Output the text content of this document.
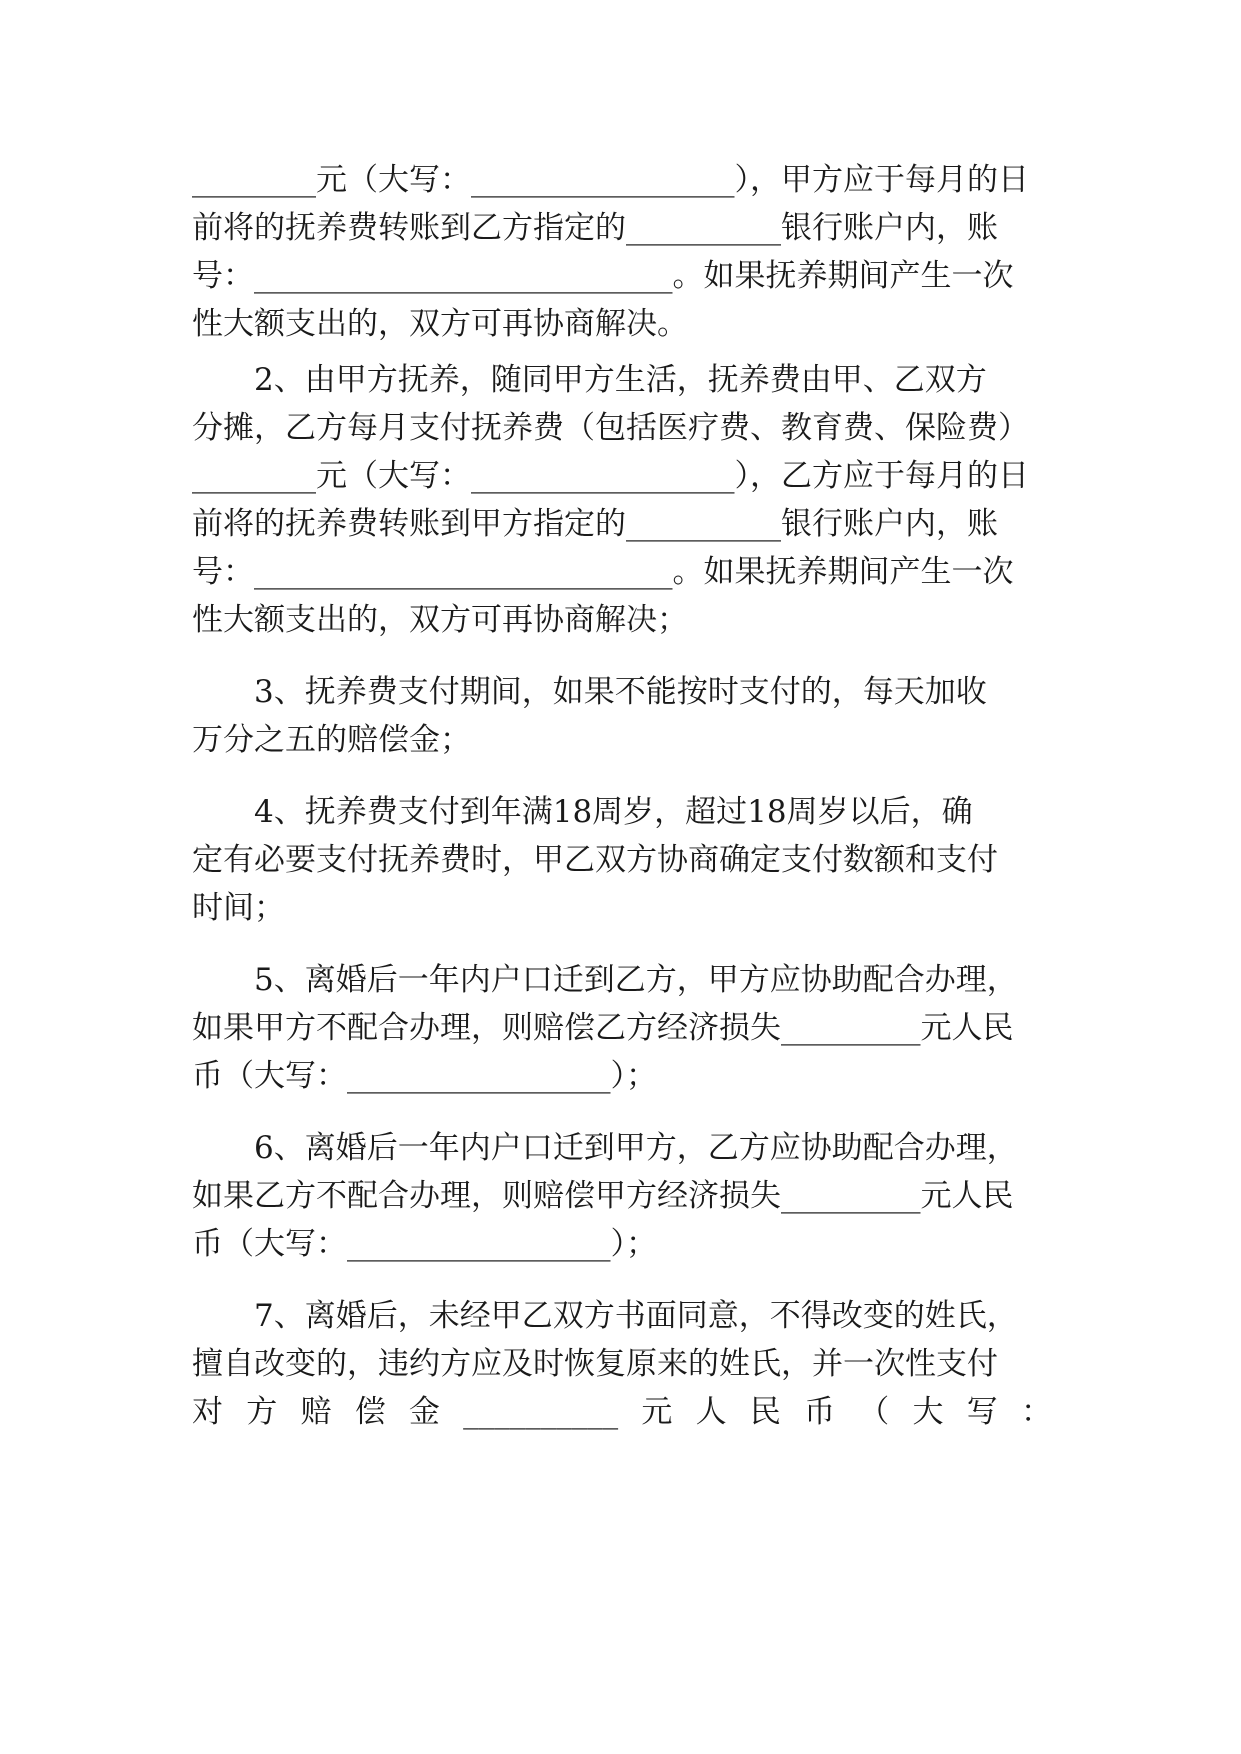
________元（大写：_________________），甲方应于每月的日
前将的抚养费转账到乙方指定的__________银行账户内，账
号：___________________________。如果抚养期间产生一次
性大额支出的，双方可再协商解决。
2、由甲方抚养，随同甲方生活，抚养费由甲、乙双方
分摊，乙方每月支付抚养费（包括医疗费、教育费、保险费）
________元（大写：_________________），乙方应于每月的日
前将的抚养费转账到甲方指定的__________银行账户内，账
号：___________________________。如果抚养期间产生一次
性大额支出的，双方可再协商解决；
3、抚养费支付期间，如果不能按时支付的，每天加收
万分之五的赔偿金；
4、抚养费支付到年满18周岁，超过18周岁以后，确
定有必要支付抚养费时，甲乙双方协商确定支付数额和支付
时间；
5、离婚后一年内户口迁到乙方，甲方应协助配合办理，
如果甲方不配合办理，则赔偿乙方经济损失_________元人民
币（大写：_________________）；
6、离婚后一年内户口迁到甲方，乙方应协助配合办理，
如果乙方不配合办理，则赔偿甲方经济损失_________元人民
币（大写：_________________）；
7、离婚后，未经甲乙双方书面同意，不得改变的姓氏，
擅自改变的，违约方应及时恢复原来的姓氏，并一次性支付
对方赔偿金__________元人民币（大写：
